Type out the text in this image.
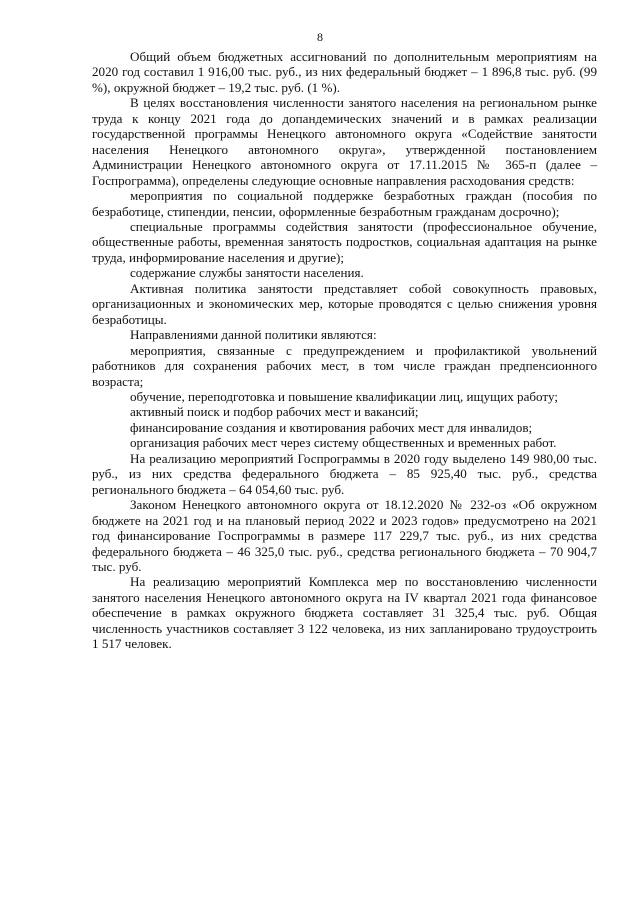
8

Общий объем бюджетных ассигнований по дополнительным мероприятиям на 2020 год составил 1 916,00 тыс. руб., из них федеральный бюджет – 1 896,8 тыс. руб. (99 %), окружной бюджет – 19,2 тыс. руб. (1 %).

В целях восстановления численности занятого населения на региональном рынке труда к концу 2021 года до допандемических значений и в рамках реализации государственной программы Ненецкого автономного округа «Содействие занятости населения Ненецкого автономного округа», утвержденной постановлением Администрации Ненецкого автономного округа от 17.11.2015 № 365-п (далее – Госпрограмма), определены следующие основные направления расходования средств:

мероприятия по социальной поддержке безработных граждан (пособия по безработице, стипендии, пенсии, оформленные безработным гражданам досрочно);

специальные программы содействия занятости (профессиональное обучение, общественные работы, временная занятость подростков, социальная адаптация на рынке труда, информирование населения и другие);

содержание службы занятости населения.

Активная политика занятости представляет собой совокупность правовых, организационных и экономических мер, которые проводятся с целью снижения уровня безработицы.

Направлениями данной политики являются:

мероприятия, связанные с предупреждением и профилактикой увольнений работников для сохранения рабочих мест, в том числе граждан предпенсионного возраста;

обучение, переподготовка и повышение квалификации лиц, ищущих работу;

активный поиск и подбор рабочих мест и вакансий;

финансирование создания и квотирования рабочих мест для инвалидов;

организация рабочих мест через систему общественных и временных работ.

На реализацию мероприятий Госпрограммы в 2020 году выделено 149 980,00 тыс. руб., из них средства федерального бюджета – 85 925,40 тыс. руб., средства регионального бюджета – 64 054,60 тыс. руб.

Законом Ненецкого автономного округа от 18.12.2020 № 232-оз «Об окружном бюджете на 2021 год и на плановый период 2022 и 2023 годов» предусмотрено на 2021 год финансирование Госпрограммы в размере 117 229,7 тыс. руб., из них средства федерального бюджета – 46 325,0 тыс. руб., средства регионального бюджета – 70 904,7 тыс. руб.

На реализацию мероприятий Комплекса мер по восстановлению численности занятого населения Ненецкого автономного округа на IV квартал 2021 года финансовое обеспечение в рамках окружного бюджета составляет 31 325,4 тыс. руб. Общая численность участников составляет 3 122 человека, из них запланировано трудоустроить 1 517 человек.
